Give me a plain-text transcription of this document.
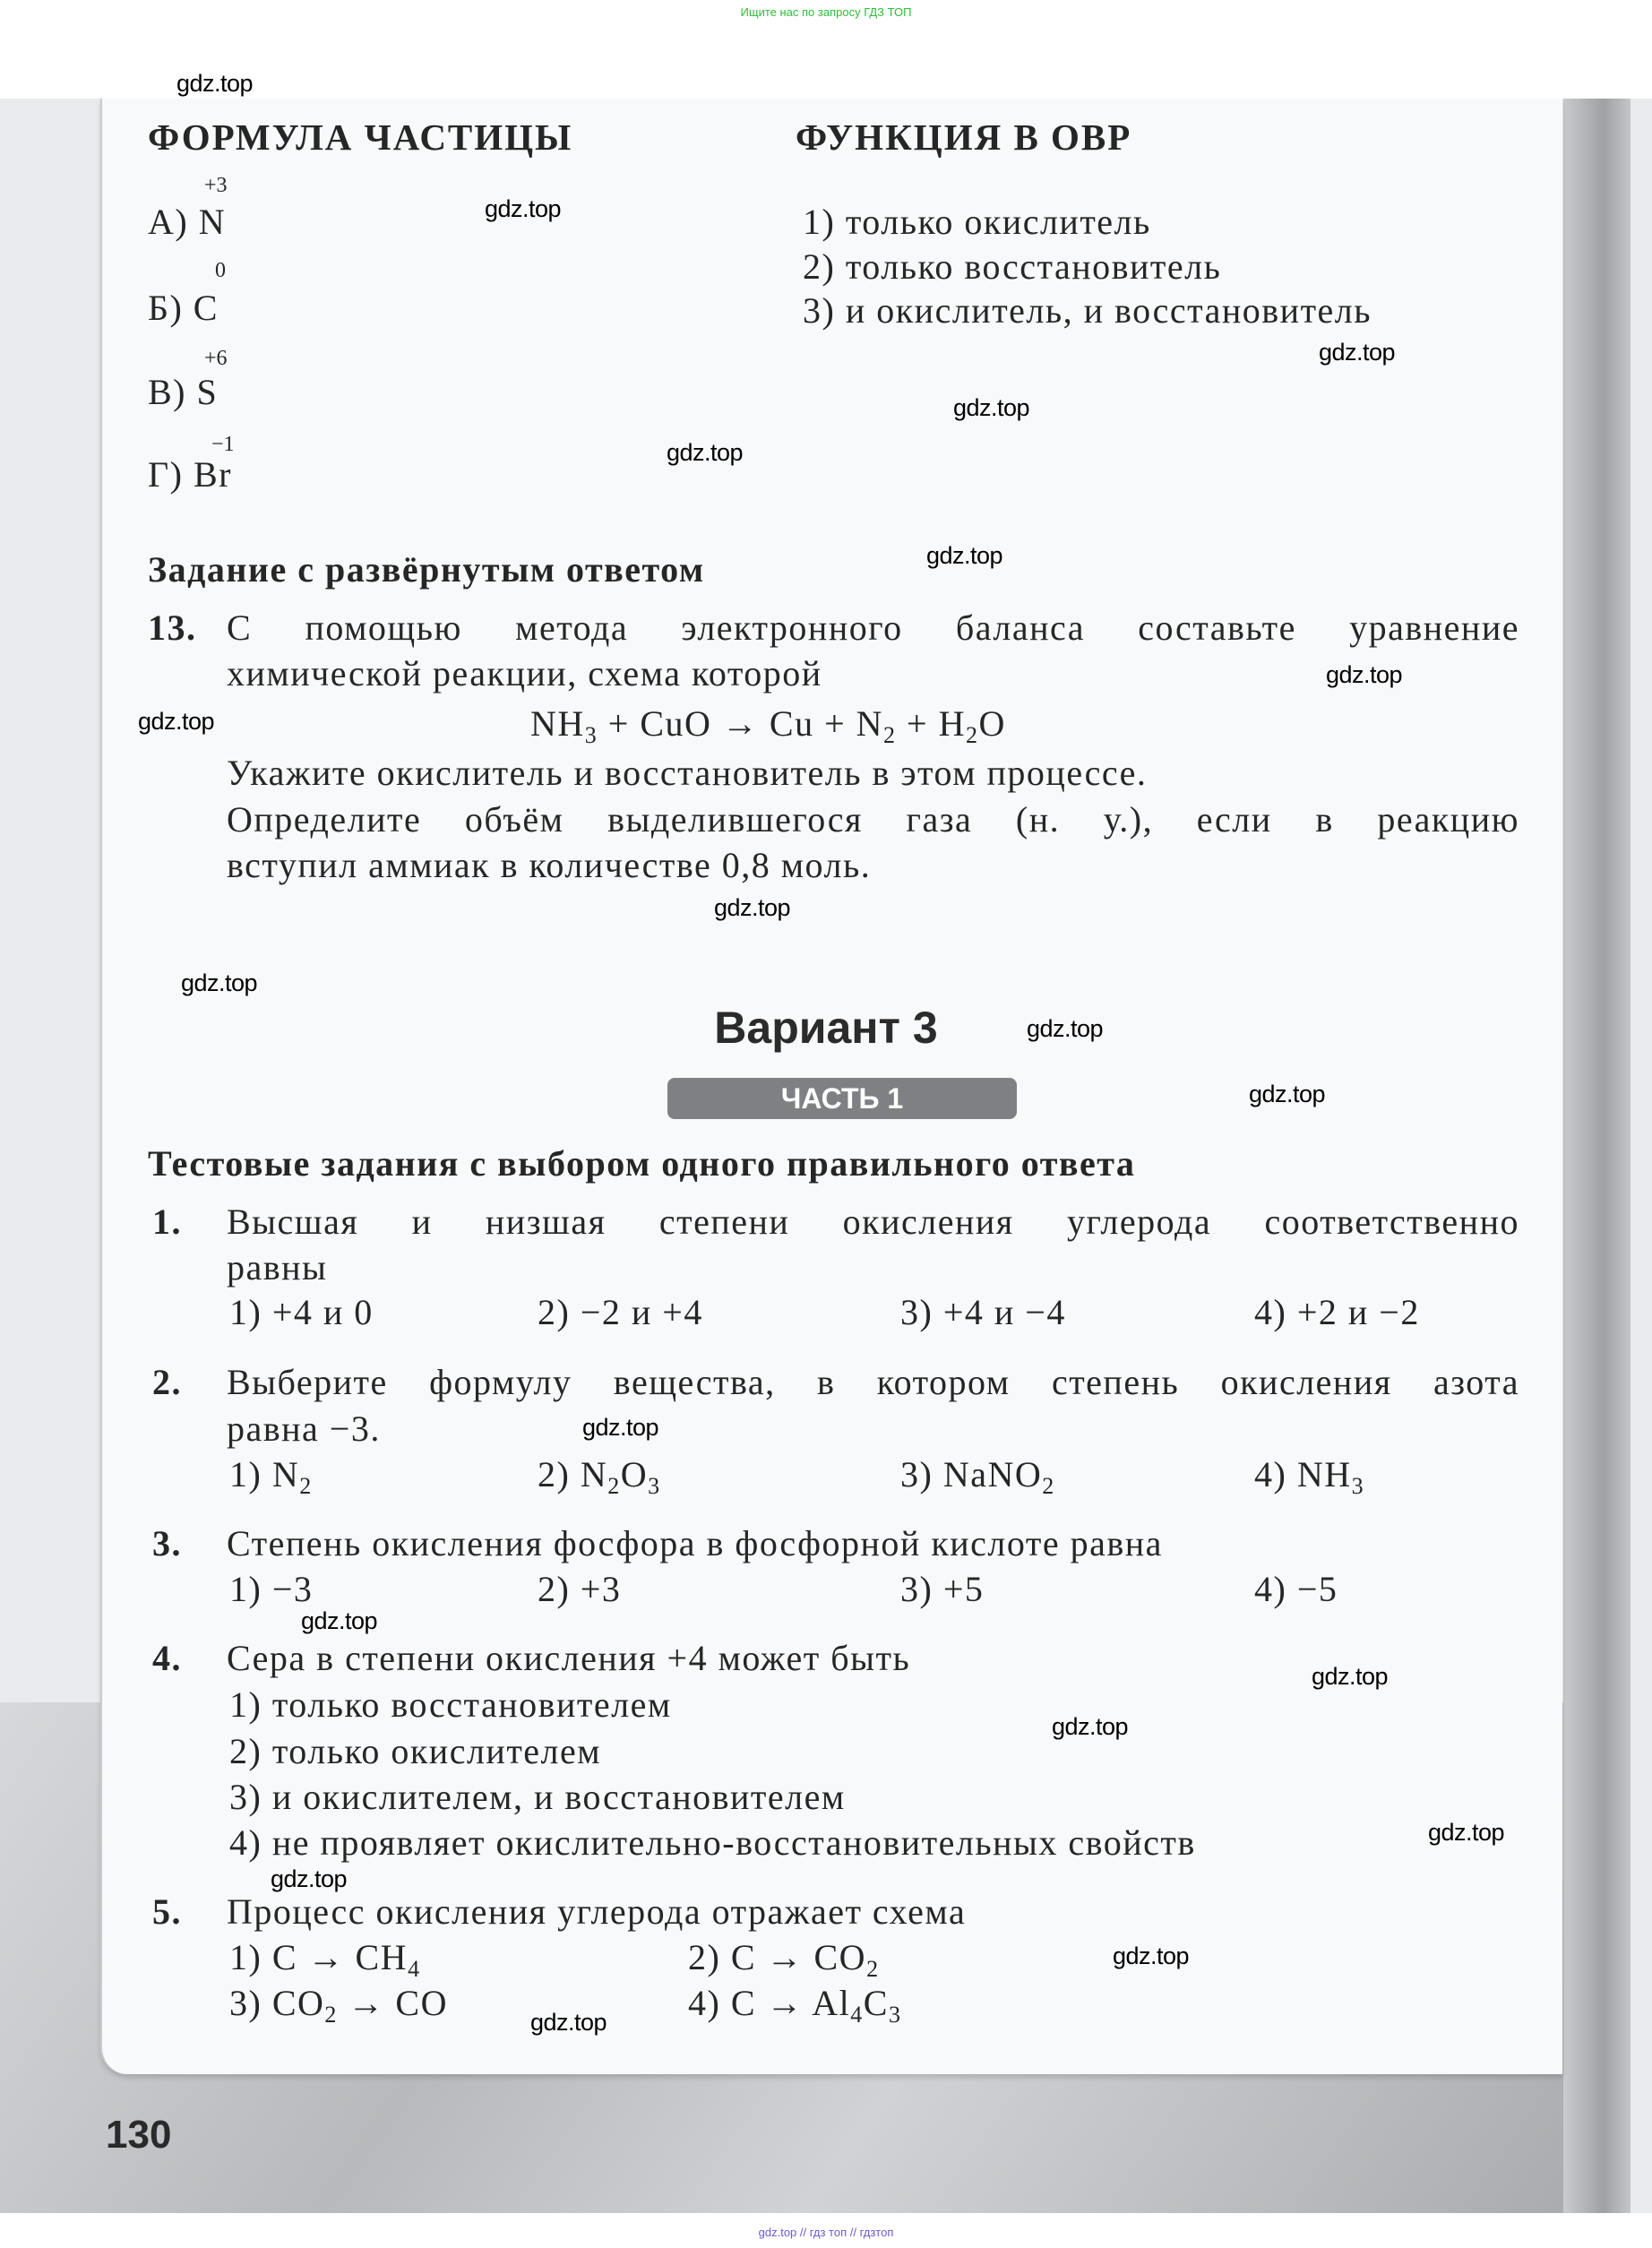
Ищите нас по запросу ГДЗ ТОП
ФОРМУЛА ЧАСТИЦЫ	ФУНКЦИЯ В ОВР
+3
А) N
0
Б) C
+6
В) S
−1
Г) Br
1) только окислитель
2) только восстановитель
3) и окислитель, и восстановитель
Задание с развёрнутым ответом
13. С помощью метода электронного баланса составьте уравнение
химической реакции, схема которой
$NH_3$ + CuO → $Cu + N_2 + H_2O$
Укажите окислитель и восстановитель в этом процессе.
Определите объём выделившегося газа (н. у.), если в реакцию
вступил аммиак в количестве 0,8 моль.
Вариант 3
ЧАСТЬ 1
Тестовые задания с выбором одного правильного ответа
1. Высшая и низшая степени окисления углерода соответственно
равны
1) +4 и 0	2) −2 и +4	3) +4 и −4	4) +2 и −2
2. Выберите формулу вещества, в котором степень окисления азота
равна −3.
1) $N_2$	2) $N_2O_3$	3) NaNO$_2$	4) $NH_3$
3. Степень окисления фосфора в фосфорной кислоте равна
1) −3	2) +3	3) +5	4) −5
4. Сера в степени окисления +4 может быть
1) только восстановителем
2) только окислителем
3) и окислителем, и восстановителем
4) не проявляет окислительно-восстановительных свойств
5. Процесс окисления углерода отражает схема
1) $C \to CH_4$	2) $C \to CO_2$
3) $CO_2$ → CO	4) $C \to Al_4C_3$
130
gdz.top
gdz.top
gdz.top
gdz.top
gdz.top
gdz.top
gdz.top
gdz.top
gdz.top
gdz.top
gdz.top
gdz.top
gdz.top
gdz.top
gdz.top
gdz.top
gdz.top
gdz.top
gdz.top
gdz.top
gdz.top // гдз топ // гдзтоп
